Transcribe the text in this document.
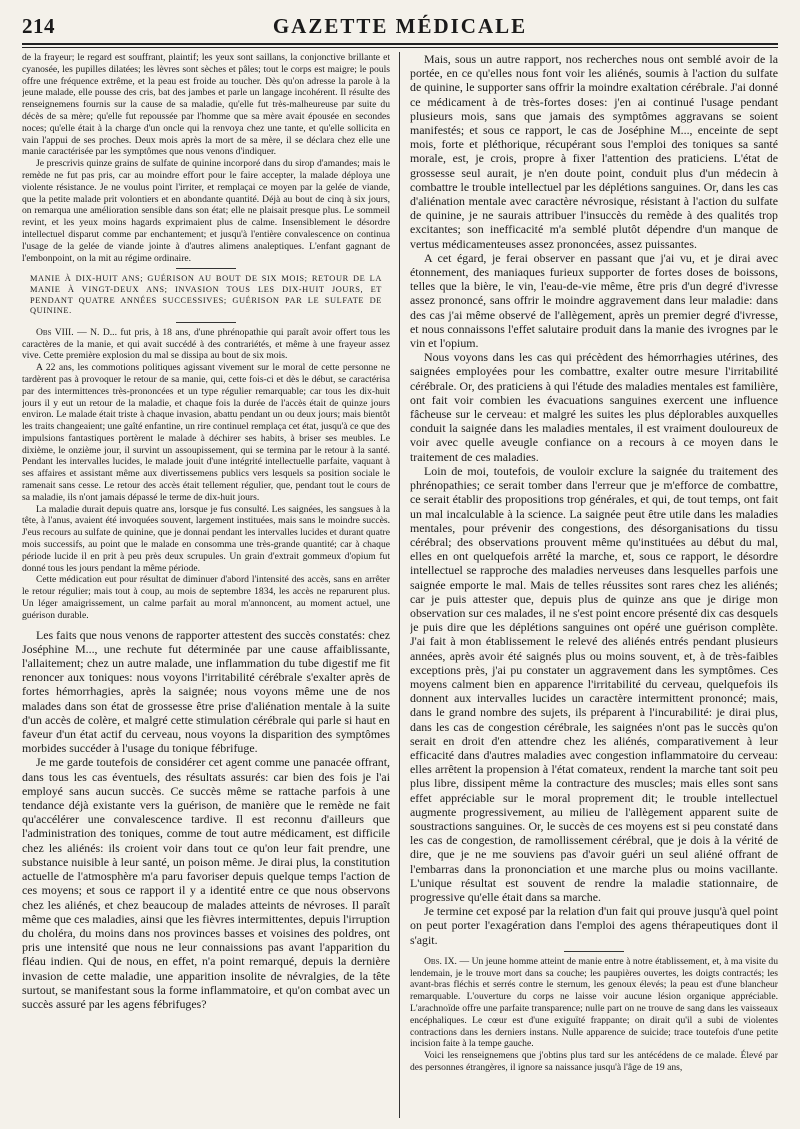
214	GAZETTE MÉDICALE

de la frayeur; le regard est souffrant, plaintif; les yeux sont saillans, la conjonctive brillante et cyanosée, les pupilles dilatées; les lèvres sont sèches et pâles; tout le corps est maigre; le pouls offre une fréquence extrême, et la peau est froide au toucher. Dès qu'on adresse la parole à la jeune malade, elle pousse des cris, bat des jambes et parle un langage incohérent. Il résulte des renseignemens fournis sur la cause de sa maladie, qu'elle fut très-malheureuse par suite du décès de sa mère; qu'elle fut repoussée par l'homme que sa mère avait épousée en secondes noces; qu'elle était à la charge d'un oncle qui la renvoya chez une tante, et qu'elle sollicita en vain l'appui de ses proches. Deux mois après la mort de sa mère, il se déclara chez elle une manie caractérisée par les symptômes que nous venons d'indiquer.

Je prescrivis quinze grains de sulfate de quinine incorporé dans du sirop d'amandes; mais le remède ne fut pas pris, car au moindre effort pour le faire accepter, la malade déploya une violente résistance. Je ne voulus point l'irriter, et remplaçai ce moyen par la gelée de viande, que la petite malade prit volontiers et en abondante quantité. Déjà au bout de cinq à six jours, on remarqua une amélioration sensible dans son état; elle ne plaisait presque plus. Le sommeil revint, et les yeux moins hagards exprimaient plus de calme. Insensiblement le désordre intellectuel disparut comme par enchantement; et jusqu'à l'entière convalescence on continua l'usage de la gelée de viande jointe à d'autres alimens analeptiques. L'enfant gagnant de l'embonpoint, on la mit au régime ordinaire.

MANIE À DIX-HUIT ANS; GUÉRISON AU BOUT DE SIX MOIS; RETOUR DE LA MANIE À VINGT-DEUX ANS; INVASION TOUS LES DIX-HUIT JOURS, ET PENDANT QUATRE ANNÉES SUCCESSIVES; GUÉRISON PAR LE SULFATE DE QUININE.

Obs VIII. — N. D... fut pris, à 18 ans, d'une phrénopathie qui paraît avoir offert tous les caractères de la manie, et qui avait succédé à des contrariétés, et même à une frayeur assez vive. Cette première explosion du mal se dissipa au bout de six mois.

A 22 ans, les commotions politiques agissant vivement sur le moral de cette personne ne tardèrent pas à provoquer le retour de sa manie, qui, cette fois-ci et dès le début, se caractérisa par des intermittences très-prononcées et un type régulier remarquable; car tous les dix-huit jours il y eut un retour de la maladie, et chaque fois la durée de l'accès était de quinze jours environ. Le malade était triste à chaque invasion, abattu pendant un ou deux jours; mais bientôt les traits changeaient; une gaîté enfantine, un rire continuel remplaça cet état, jusqu'à ce que des impulsions fantastiques portèrent le malade à déchirer ses habits, à briser ses meubles. Le dixième, le onzième jour, il survint un assoupissement, qui se termina par le retour à la santé. Pendant les intervalles lucides, le malade jouit d'une intégrité intellectuelle parfaite, vaquant à ses affaires et assistant même aux divertissemens publics vers lesquels sa position sociale le ramenait sans cesse. Le retour des accès était tellement régulier, que, pendant tout le cours de sa maladie, ils n'ont jamais dépassé le terme de dix-huit jours.

La maladie durait depuis quatre ans, lorsque je fus consulté. Les saignées, les sangsues à la tête, à l'anus, avaient été invoquées souvent, largement instituées, mais sans le moindre succès. J'eus recours au sulfate de quinine, que je donnai pendant les intervalles lucides et durant quatre mois successifs, au point que le malade en consomma une très-grande quantité; car à chaque période lucide il en prit à peu près deux scrupules. Un grain d'extrait gommeux d'opium fut donné tous les jours pendant la même période.

Cette médication eut pour résultat de diminuer d'abord l'intensité des accès, sans en arrêter le retour régulier; mais tout à coup, au mois de septembre 1834, les accès ne reparurent plus. Un léger amaigrissement, un calme parfait au moral m'annoncent, au moment actuel, une guérison durable.

Les faits que nous venons de rapporter attestent des succès constatés: chez Joséphine M..., une rechute fut déterminée par une cause affaiblissante, l'allaitement; chez un autre malade, une inflammation du tube digestif me fit renoncer aux toniques: nous voyons l'irritabilité cérébrale s'exalter après de fortes hémorrhagies, après la saignée; nous voyons même une de nos malades dans son état de grossesse être prise d'aliénation mentale à la suite d'un accès de colère, et malgré cette stimulation cérébrale qui parle si haut en faveur d'un état actif du cerveau, nous voyons la disparition des symptômes morbides succéder à l'usage du tonique fébrifuge.

Je me garde toutefois de considérer cet agent comme une panacée offrant, dans tous les cas éventuels, des résultats assurés: car bien des fois je l'ai employé sans aucun succès. Ce succès même se rattache parfois à une tendance déjà existante vers la guérison, de manière que le remède ne fait qu'accélérer une convalescence tardive. Il est reconnu d'ailleurs que l'administration des toniques, comme de tout autre médicament, est difficile chez les aliénés: ils croient voir dans tout ce qu'on leur fait prendre, une substance nuisible à leur santé, un poison même. Je dirai plus, la constitution actuelle de l'atmosphère m'a paru favoriser depuis quelque temps l'action de ces moyens; et sous ce rapport il y a identité entre ce que nous observons chez les aliénés, et chez beaucoup de malades atteints de névroses. Il paraît même que ces maladies, ainsi que les fièvres intermittentes, depuis l'irruption du choléra, du moins dans nos provinces basses et voisines des poldres, ont pris une intensité que nous ne leur connaissions pas avant l'apparition du fléau indien. Qui de nous, en effet, n'a point remarqué, depuis la dernière invasion de cette maladie, une apparition insolite de névralgies, de la tête surtout, se manifestant sous la forme inflammatoire, et qu'on combat avec un succès assuré par les agens fébrifuges?

Mais, sous un autre rapport, nos recherches nous ont semblé avoir de la portée, en ce qu'elles nous font voir les aliénés, soumis à l'action du sulfate de quinine, le supporter sans offrir la moindre exaltation cérébrale. J'ai donné ce médicament à de très-fortes doses: j'en ai continué l'usage pendant plusieurs mois, sans que jamais des symptômes aggravans se soient manifestés; et sous ce rapport, le cas de Joséphine M..., enceinte de sept mois, forte et pléthorique, récupérant sous l'emploi des toniques sa santé morale, est, je crois, propre à fixer l'attention des praticiens. L'état de grossesse seul aurait, je n'en doute point, conduit plus d'un médecin à combattre le trouble intellectuel par les déplétions sanguines. Or, dans les cas d'aliénation mentale avec caractère névrosique, résistant à l'action du sulfate de quinine, je ne saurais attribuer l'insuccès du remède à des qualités trop excitantes; son inefficacité m'a semblé plutôt dépendre d'un manque de vertus médicamenteuses assez prononcées, assez puissantes.

A cet égard, je ferai observer en passant que j'ai vu, et je dirai avec étonnement, des maniaques furieux supporter de fortes doses de boissons, telles que la bière, le vin, l'eau-de-vie même, être pris d'un degré d'ivresse assez prononcé, sans offrir le moindre aggravement dans leur maladie: dans des cas j'ai même observé de l'allègement, après un premier degré d'ivresse, et nous connaissons l'effet salutaire produit dans la manie des ivrognes par le vin et l'opium.

Nous voyons dans les cas qui précèdent des hémorrhagies utérines, des saignées employées pour les combattre, exalter outre mesure l'irritabilité cérébrale. Or, des praticiens à qui l'étude des maladies mentales est familière, ont fait voir combien les évacuations sanguines exercent une influence fâcheuse sur le cerveau: et malgré les suites les plus déplorables auxquelles conduit la saignée dans les maladies mentales, il est vraiment douloureux de voir avec quelle aveugle confiance on a recours à ce moyen dans le traitement de ces maladies.

Loin de moi, toutefois, de vouloir exclure la saignée du traitement des phrénopathies; ce serait tomber dans l'erreur que je m'efforce de combattre, ce serait établir des propositions trop générales, et qui, de tout temps, ont fait un mal incalculable à la science. La saignée peut être utile dans les maladies mentales, pour prévenir des congestions, des désorganisations du tissu cérébral; des observations prouvent même qu'instituées au début du mal, elles en ont quelquefois arrêté la marche, et, sous ce rapport, le désordre intellectuel se rapproche des maladies nerveuses dans lesquelles parfois une saignée emporte le mal. Mais de telles réussites sont rares chez les aliénés; car je puis attester que, depuis plus de quinze ans que je dirige mon observation sur ces malades, il ne s'est point encore présenté dix cas desquels je puis dire que les déplétions sanguines ont opéré une guérison complète. J'ai fait à mon établissement le relevé des aliénés entrés pendant plusieurs années, après avoir été saignés plus ou moins souvent, et, à de très-faibles exceptions près, j'ai pu constater un aggravement dans les symptômes. Ces moyens calment bien en apparence l'irritabilité du cerveau, quelquefois ils donnent aux intervalles lucides un caractère intermittent prononcé; mais, dans le grand nombre des sujets, ils préparent à l'incurabilité: je dirai plus, dans les cas de congestion cérébrale, les saignées n'ont pas le succès qu'on serait en droit d'en attendre chez les aliénés, comparativement à leur efficacité dans d'autres maladies avec congestion inflammatoire du cerveau: elles arrêtent la propension à l'état comateux, rendent la marche tant soit peu plus libre, dissipent même la contracture des muscles; mais elles sont sans effet appréciable sur le moral proprement dit; le trouble intellectuel augmente progressivement, au milieu de l'allègement apparent suite de soustractions sanguines. Or, le succès de ces moyens est si peu constaté dans les cas de congestion, de ramollissement cérébral, que je dois à la vérité de dire, que je ne me souviens pas d'avoir guéri un seul aliéné offrant de l'embarras dans la prononciation et une marche plus ou moins vacillante. L'unique résultat est souvent de rendre la maladie stationnaire, de progressive qu'elle était dans sa marche.

Je termine cet exposé par la relation d'un fait qui prouve jusqu'à quel point on peut porter l'exagération dans l'emploi des agens thérapeutiques dont il s'agit.

Obs. IX. — Un jeune homme atteint de manie entre à notre établissement, et, à ma visite du lendemain, je le trouve mort dans sa couche; les paupières ouvertes, les doigts contractés; les avant-bras fléchis et serrés contre le sternum, les genoux élevés; la peau est d'une blancheur remarquable. L'ouverture du corps ne laisse voir aucune lésion organique appréciable. L'arachnoïde offre une parfaite transparence; nulle part on ne trouve de sang dans les vaisseaux encéphaliques. Le cœur est d'une exiguïté frappante; on dirait qu'il a subi de violentes contractions dans les derniers instans. Nulle apparence de suicide; trace toutefois d'une petite incision faite à la tempe gauche.

Voici les renseignemens que j'obtins plus tard sur les antécédens de ce malade. Élevé par des personnes étrangères, il ignore sa naissance jusqu'à l'âge de 19 ans,
